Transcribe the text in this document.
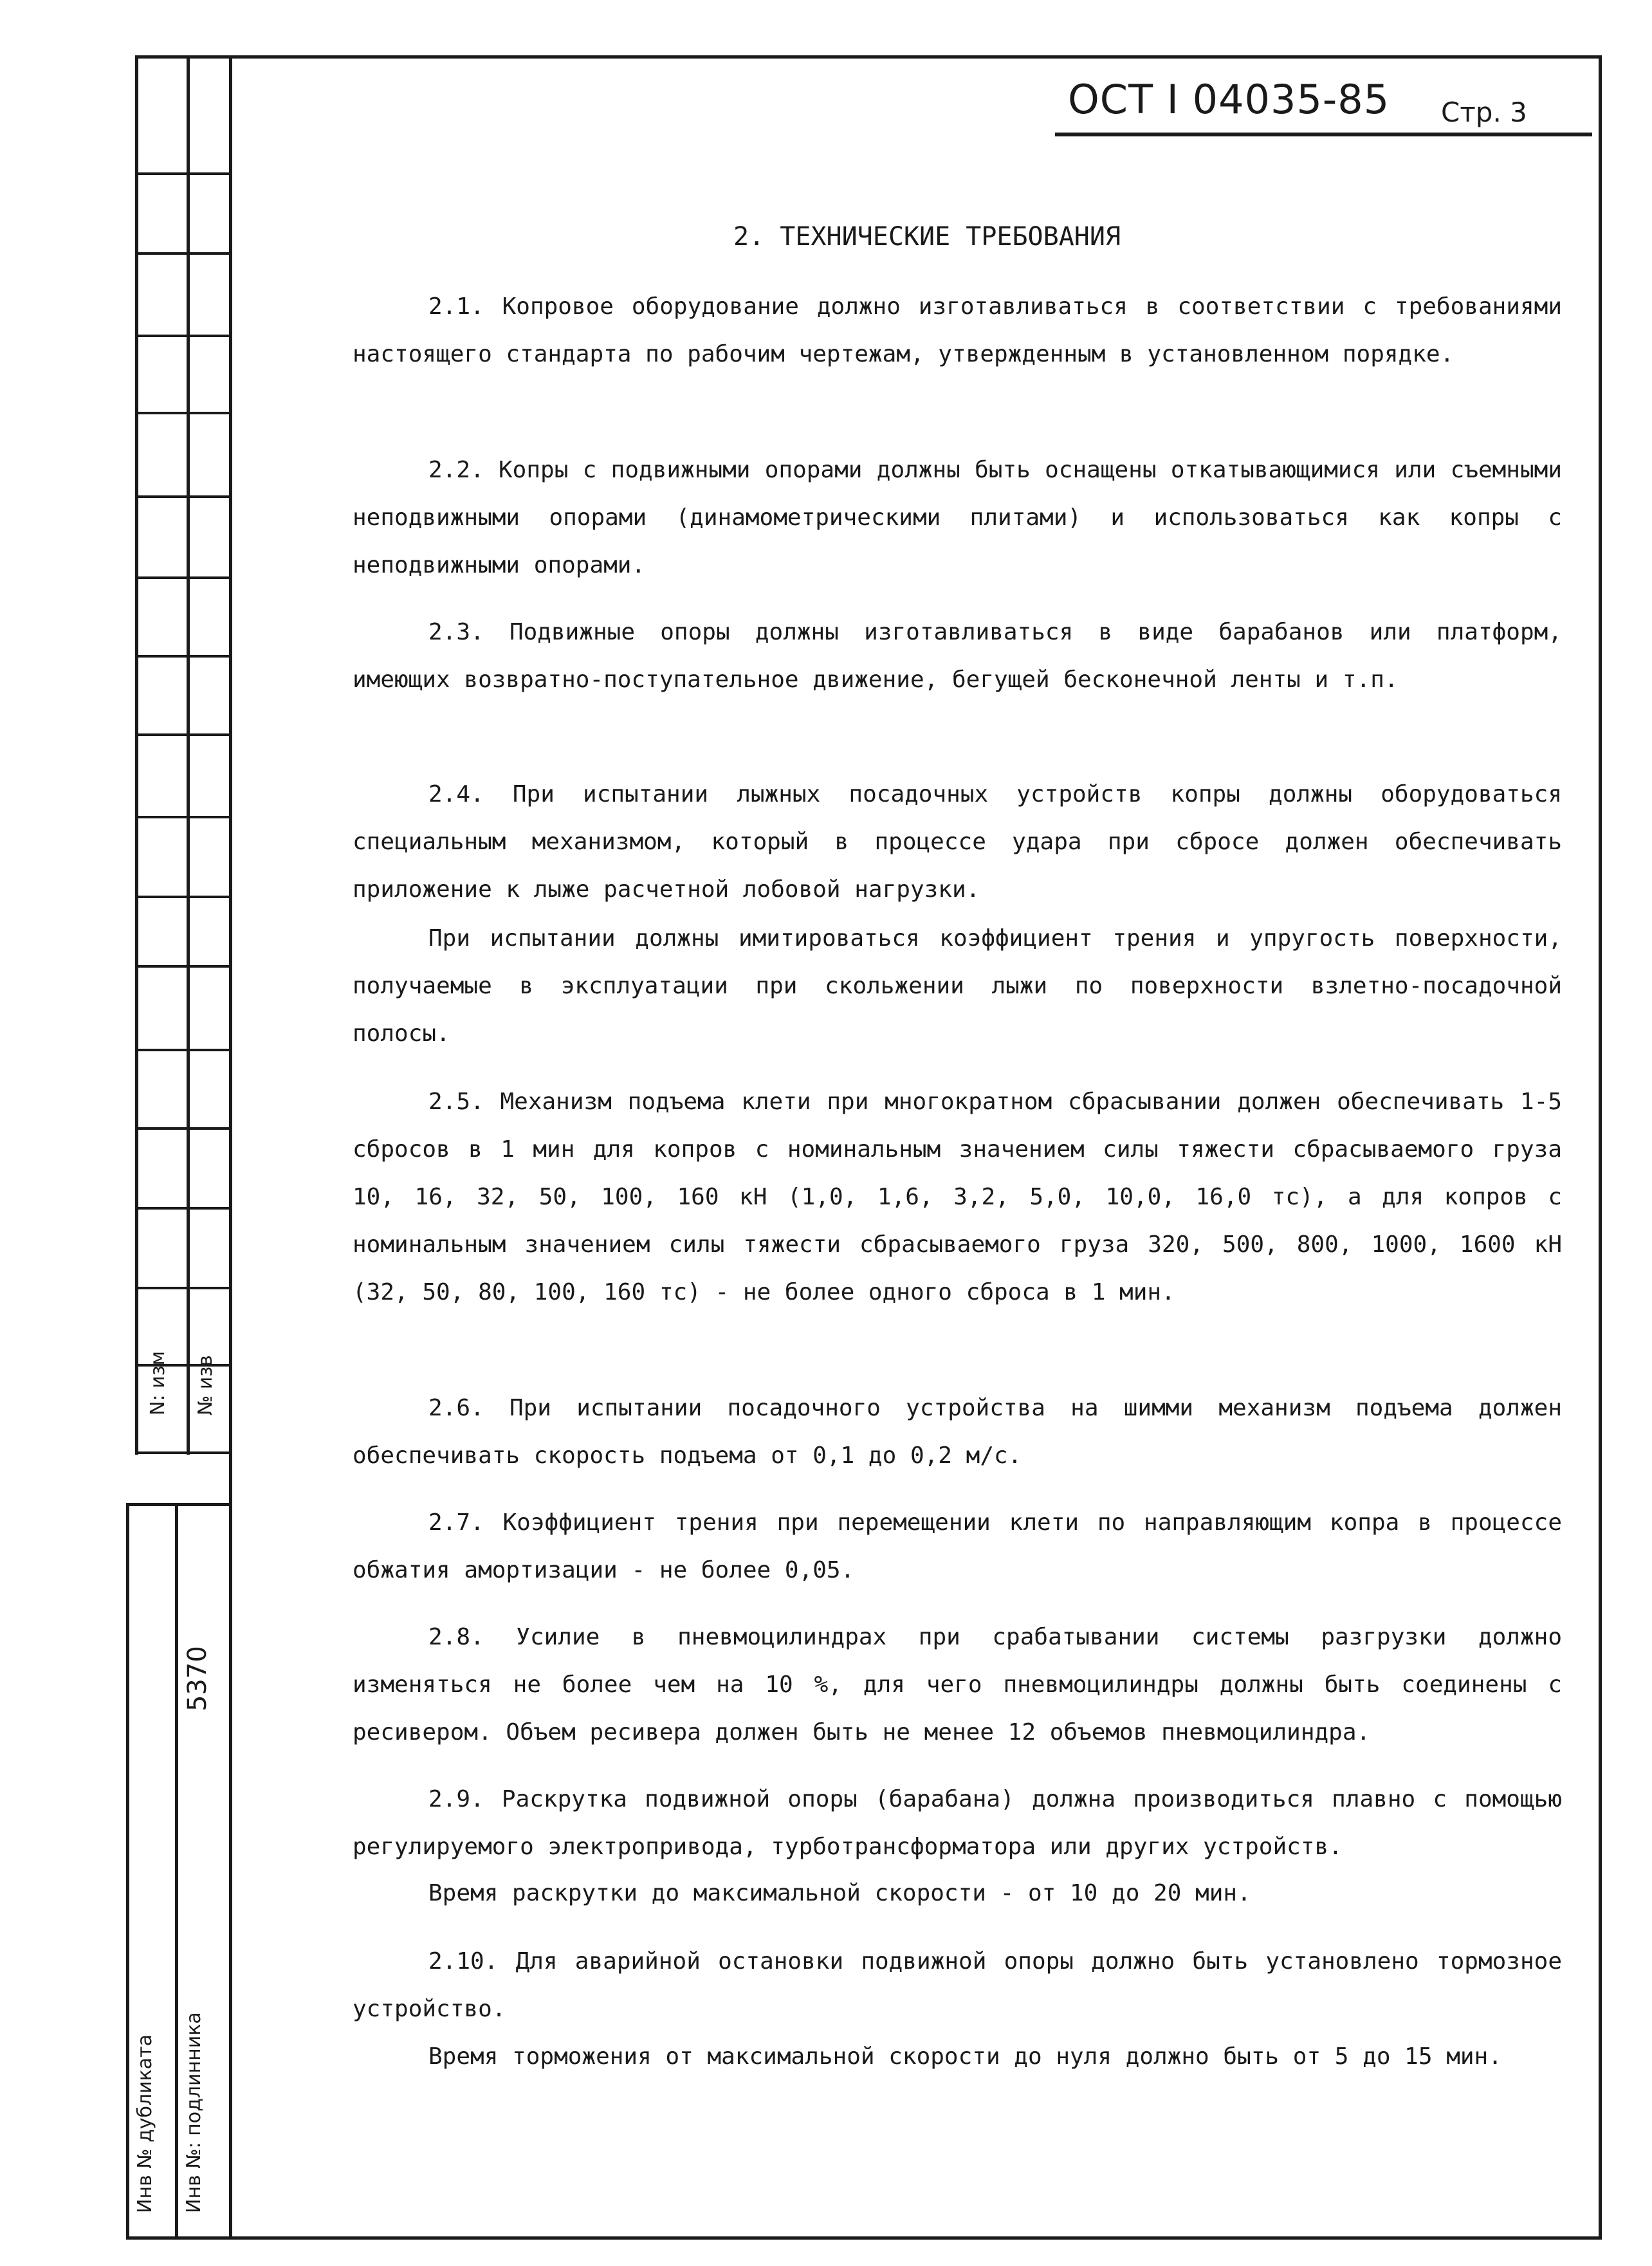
N: изм № изв
5370
Инв № дубликата Инв №: подлинника
ОСТ I 04035-85 Стр. 3
2. ТЕХНИЧЕСКИЕ ТРЕБОВАНИЯ

2.1. Копровое оборудование должно изготавливаться в соответствии с требованиями настоящего стандарта по рабочим чертежам, утвержденным в установленном порядке.

2.2. Копры с подвижными опорами должны быть оснащены откатывающимися или съемными неподвижными опорами (динамометрическими плитами) и использоваться как копры с неподвижными опорами.

2.3. Подвижные опоры должны изготавливаться в виде барабанов или платформ, имеющих возвратно-поступательное движение, бегущей бесконечной ленты и т.п.

2.4. При испытании лыжных посадочных устройств копры должны оборудоваться специальным механизмом, который в процессе удара при сбросе должен обеспечивать приложение к лыже расчетной лобовой нагрузки.

При испытании должны имитироваться коэффициент трения и упругость поверхности, получаемые в эксплуатации при скольжении лыжи по поверхности взлетно-посадочной полосы.

2.5. Механизм подъема клети при многократном сбрасывании должен обеспечивать 1-5 сбросов в 1 мин для копров с номинальным значением силы тяжести сбрасываемого груза 10, 16, 32, 50, 100, 160 кН (1,0, 1,6, 3,2, 5,0, 10,0, 16,0 тс), а для копров с номинальным значением силы тяжести сбрасываемого груза 320, 500, 800, 1000, 1600 кН (32, 50, 80, 100, 160 тс) - не более одного сброса в 1 мин.

2.6. При испытании посадочного устройства на шимми механизм подъема должен обеспечивать скорость подъема от 0,1 до 0,2 м/с.

2.7. Коэффициент трения при перемещении клети по направляющим копра в процессе обжатия амортизации - не более 0,05.

2.8. Усилие в пневмоцилиндрах при срабатывании системы разгрузки должно изменяться не более чем на 10 %, для чего пневмоцилиндры должны быть соединены с ресивером. Объем ресивера должен быть не менее 12 объемов пневмоцилиндра.

2.9. Раскрутка подвижной опоры (барабана) должна производиться плавно с помощью регулируемого электропривода, турботрансформатора или других устройств.

Время раскрутки до максимальной скорости - от 10 до 20 мин.

2.10. Для аварийной остановки подвижной опоры должно быть установлено тормозное устройство.

Время торможения от максимальной скорости до нуля должно быть от 5 до 15 мин.
